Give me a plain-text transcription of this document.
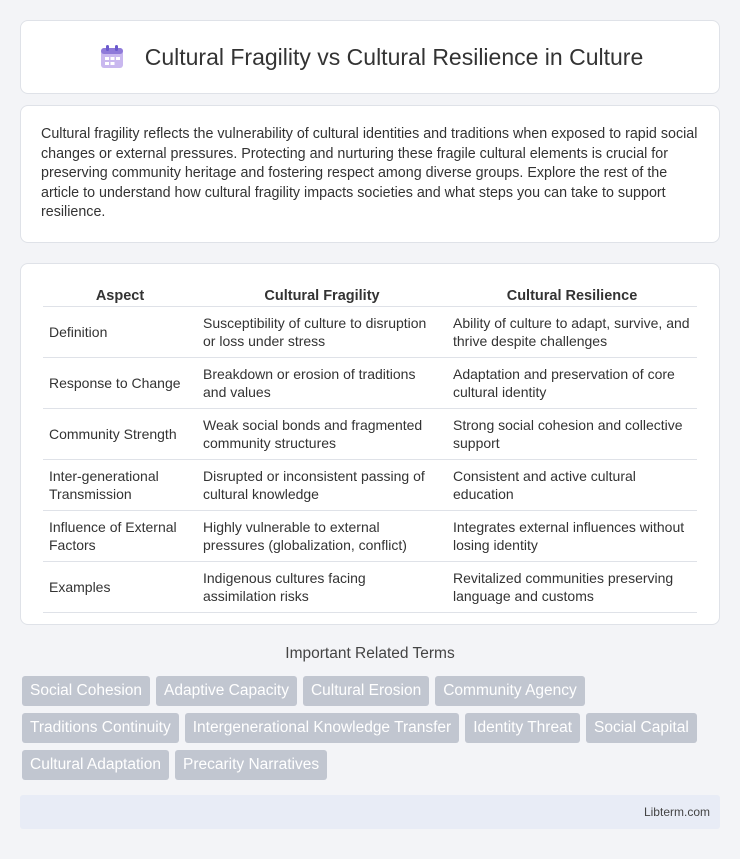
Cultural Fragility vs Cultural Resilience in Culture

Cultural fragility reflects the vulnerability of cultural identities and traditions when exposed to rapid social changes or external pressures. Protecting and nurturing these fragile cultural elements is crucial for preserving community heritage and fostering respect among diverse groups. Explore the rest of the article to understand how cultural fragility impacts societies and what steps you can take to support resilience.

Aspect	Cultural Fragility	Cultural Resilience
Definition	Susceptibility of culture to disruption or loss under stress	Ability of culture to adapt, survive, and thrive despite challenges
Response to Change	Breakdown or erosion of traditions and values	Adaptation and preservation of core cultural identity
Community Strength	Weak social bonds and fragmented community structures	Strong social cohesion and collective support
Inter-generational Transmission	Disrupted or inconsistent passing of cultural knowledge	Consistent and active cultural education
Influence of External Factors	Highly vulnerable to external pressures (globalization, conflict)	Integrates external influences without losing identity
Examples	Indigenous cultures facing assimilation risks	Revitalized communities preserving language and customs
Important Related Terms
Social Cohesion	Adaptive Capacity	Cultural Erosion	Community Agency
Traditions Continuity	Intergenerational Knowledge Transfer	Identity Threat	Social Capital
Cultural Adaptation	Precarity Narratives
Libterm.com
